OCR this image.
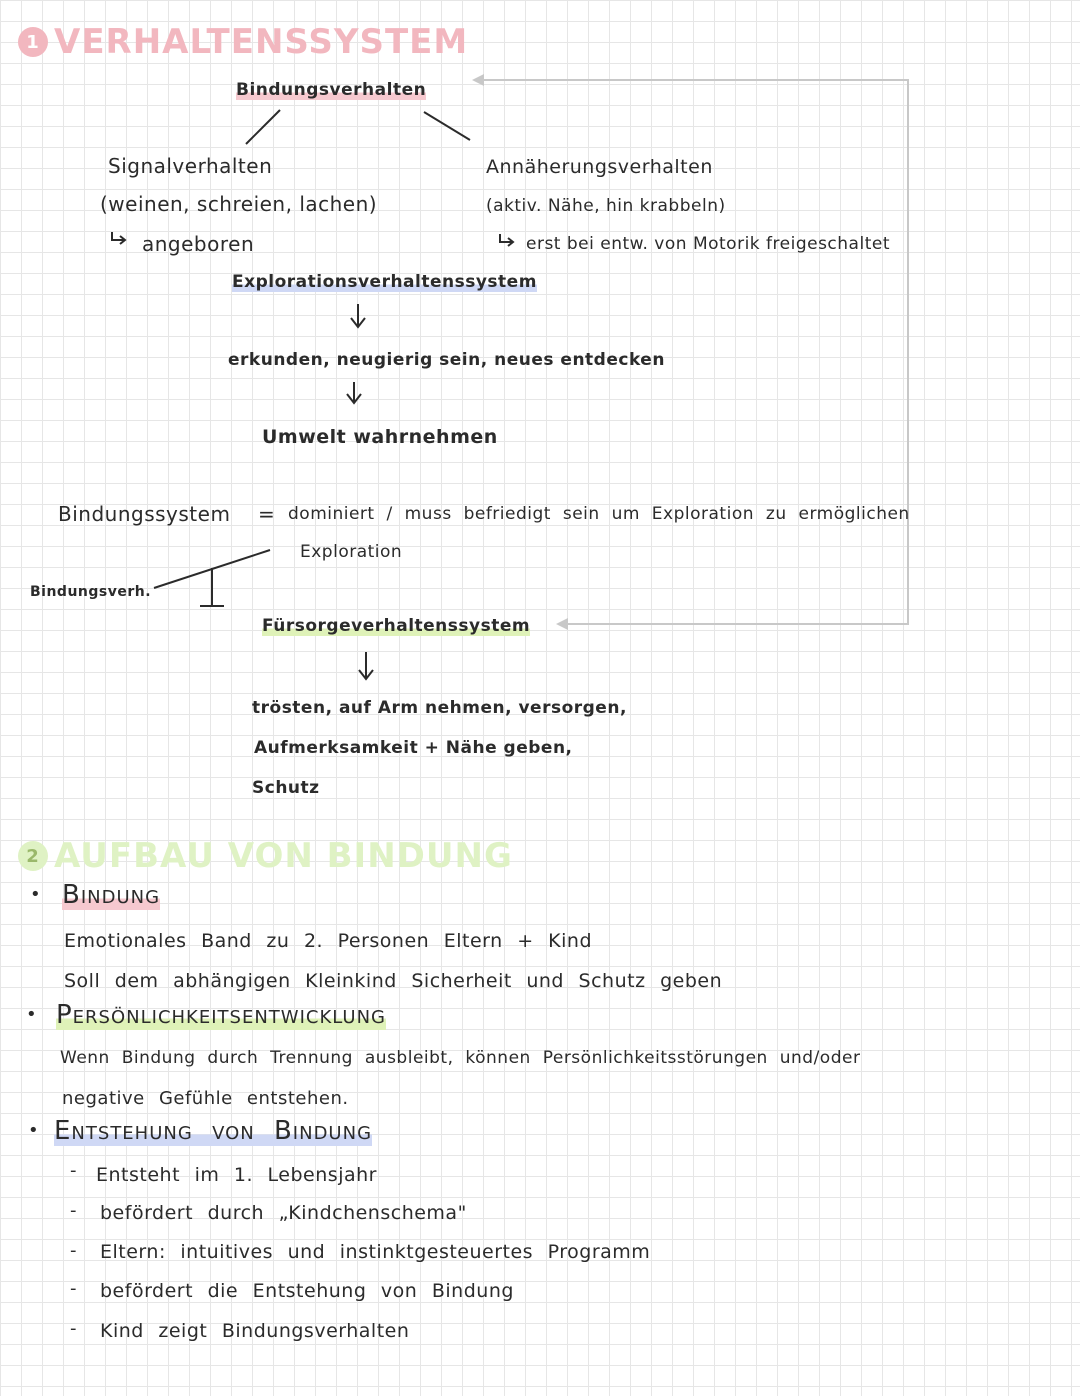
1 VERHALTENSSYSTEM
Bindungsverhalten
Signalverhalten
(weinen, schreien, lachen)
angeboren
Annäherungsverhalten
(aktiv. Nähe, hin krabbeln)
erst bei entw. von Motorik freigeschaltet
Explorationsverhaltenssystem
erkunden, neugierig sein, neues entdecken
Umwelt wahrnehmen
Bindungssystem = dominiert / muss befriedigt sein um Exploration zu ermöglichen
Exploration
Bindungsverh.
Fürsorgeverhaltenssystem
trösten, auf Arm nehmen, versorgen,
Aufmerksamkeit + Nähe geben,
Schutz
2 AUFBAU VON BINDUNG
• Bindung
Emotionales Band zu 2. Personen Eltern + Kind
Soll dem abhängigen Kleinkind Sicherheit und Schutz geben
• Persönlichkeitsentwicklung
Wenn Bindung durch Trennung ausbleibt, können Persönlichkeitsstörungen und/oder
negative Gefühle entstehen.
• Entstehung von Bindung
- Entsteht im 1. Lebensjahr
- befördert durch „Kindchenschema"
- Eltern: intuitives und instinktgesteuertes Programm
- befördert die Entstehung von Bindung
- Kind zeigt Bindungsverhalten
